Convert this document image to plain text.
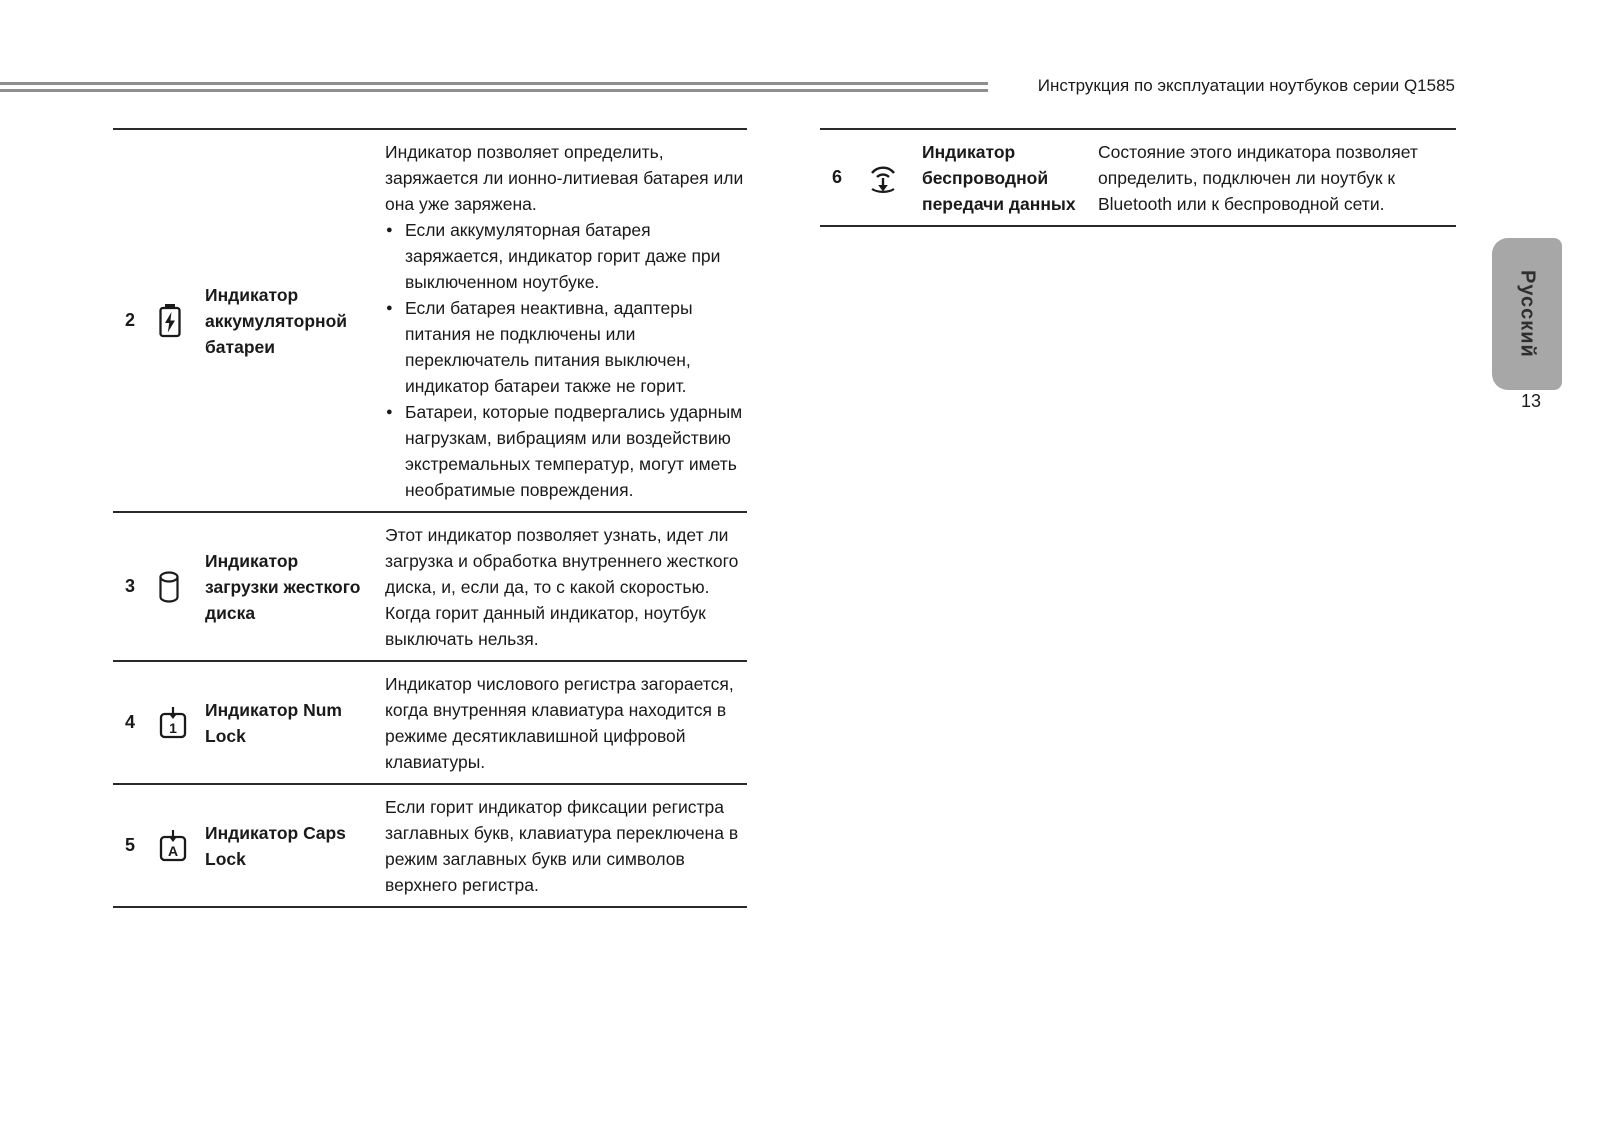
Инструкция по эксплуатации ноутбуков серии Q1585
2
Индикатор аккумуляторной батареи

Индикатор позволяет определить, заряжается ли ионно-литиевая батарея или она уже заряжена.

● Если аккумуляторная батарея заряжается, индикатор горит даже при выключенном ноутбуке.
● Если батарея неактивна, адаптеры питания не подключены или переключатель питания выключен, индикатор батареи также не горит.
● Батареи, которые подвергались ударным нагрузкам, вибрациям или воздействию экстремальных температур, могут иметь необратимые повреждения.
3
Индикатор загрузки жесткого диска

Этот индикатор позволяет узнать, идет ли загрузка и обработка внутреннего жесткого диска, и, если да, то с какой скоростью. Когда горит данный индикатор, ноутбук выключать нельзя.

4	1
Индикатор Num Lock

Индикатор числового регистра загорается, когда внутренняя клавиатура находится в режиме десятиклавишной цифровой клавиатуры.

5	A
Индикатор Caps Lock

Если горит индикатор фиксации регистра заглавных букв, клавиатура переключена в режим заглавных букв или символов верхнего регистра.

6
Индикатор беспроводной передачи данных

Состояние этого индикатора позволяет определить, подключен ли ноутбук к Bluetooth или к беспроводной сети.

Русский
13
